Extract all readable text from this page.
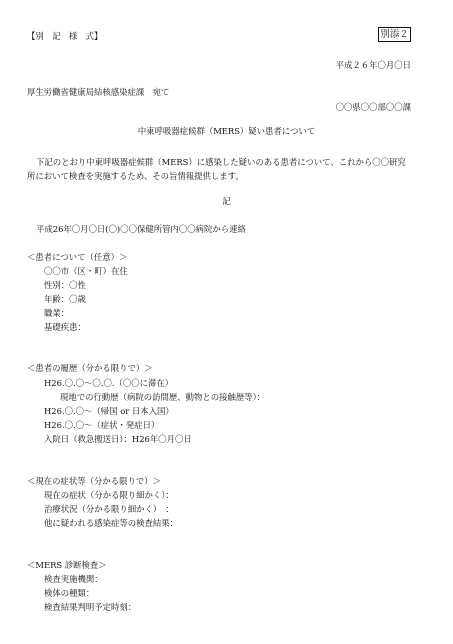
【別　記　様　式】	別添２
平成２６年〇月〇日
厚生労働省健康局結核感染症課　宛て
〇〇県〇〇部〇〇課
中東呼吸器症候群（MERS）疑い患者について
下記のとおり中東呼吸器症候群（MERS）に感染した疑いのある患者について、これから〇〇研究
所において検査を実施するため、その旨情報提供します。
記
平成26年〇月〇日(〇)〇〇保健所管内〇〇病院から連絡
＜患者について（任意）＞
〇〇市（区・町）在住
性別：〇性
年齢：〇歳
職業：
基礎疾患：
＜患者の履歴（分かる限りで）＞
H26.〇.〇～〇.〇.（〇〇に滞在）
現地での行動歴（病院の訪問歴、動物との接触歴等）：
H26.〇.〇～（帰国 or 日本入国）
H26.〇.〇～（症状・発症日）
入院日（救急搬送日）：H26年〇月〇日
＜現在の症状等（分かる限りで）＞
現在の症状（分かる限り細かく）：
治療状況（分かる限り細かく）　：
他に疑われる感染症等の検査結果：
＜MERS 診断検査＞
検査実施機関：
検体の種類：
検査結果判明予定時刻：
